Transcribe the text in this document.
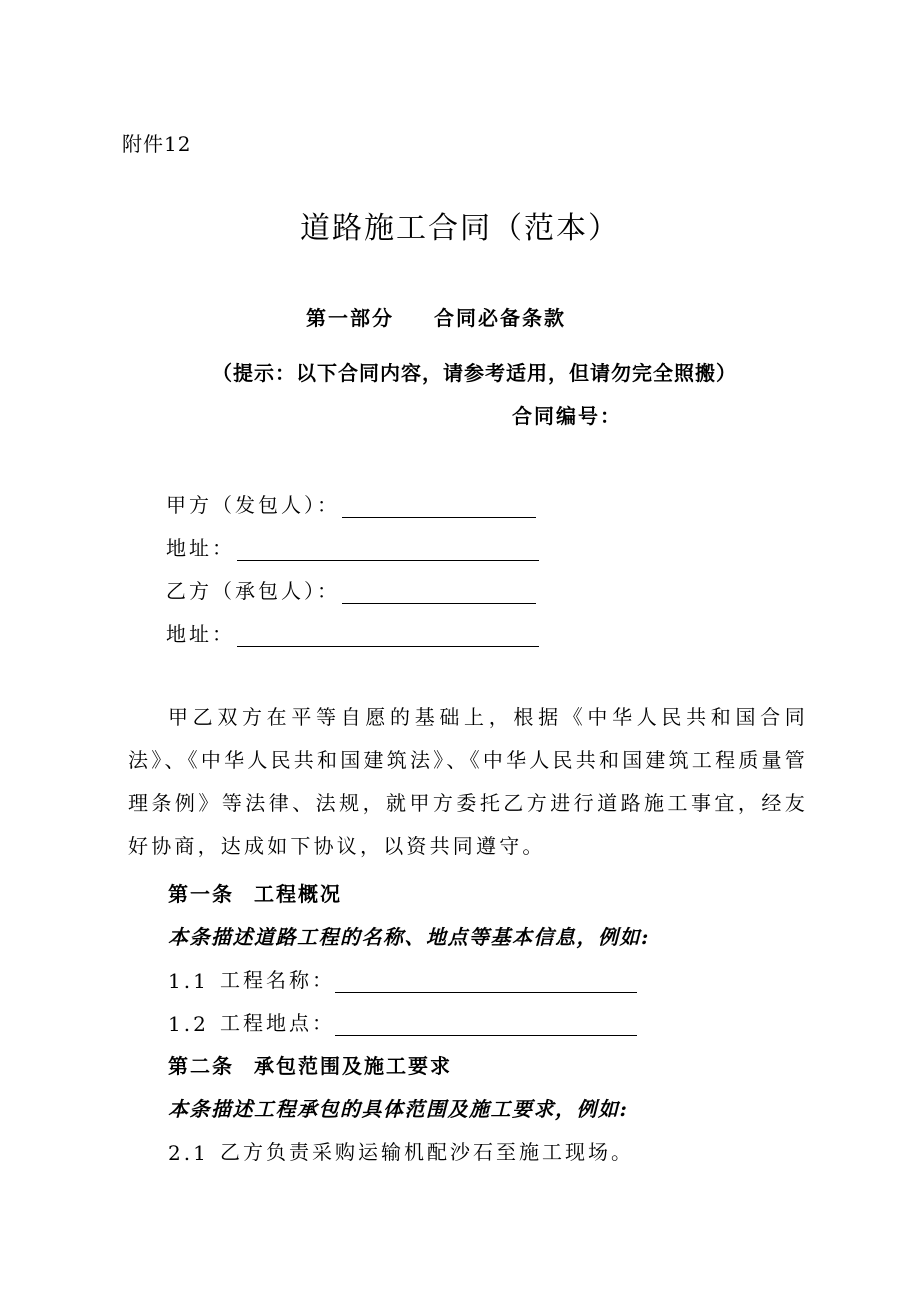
附件12
道路施工合同（范本）
第一部分 合同必备条款
（提示：以下合同内容，请参考适用，但请勿完全照搬）
合同编号：
甲方（发包人）：
地址：
乙方（承包人）：
地址：
甲乙双方在平等自愿的基础上，根据《中华人民共和国合同法》、《中华人民共和国建筑法》、《中华人民共和国建筑工程质量管理条例》等法律、法规，就甲方委托乙方进行道路施工事宜，经友好协商，达成如下协议，以资共同遵守。
第一条 工程概况
本条描述道路工程的名称、地点等基本信息，例如:
1.1 工程名称：
1.2 工程地点：
第二条 承包范围及施工要求
本条描述工程承包的具体范围及施工要求，例如:
2.1 乙方负责采购运输机配沙石至施工现场。
